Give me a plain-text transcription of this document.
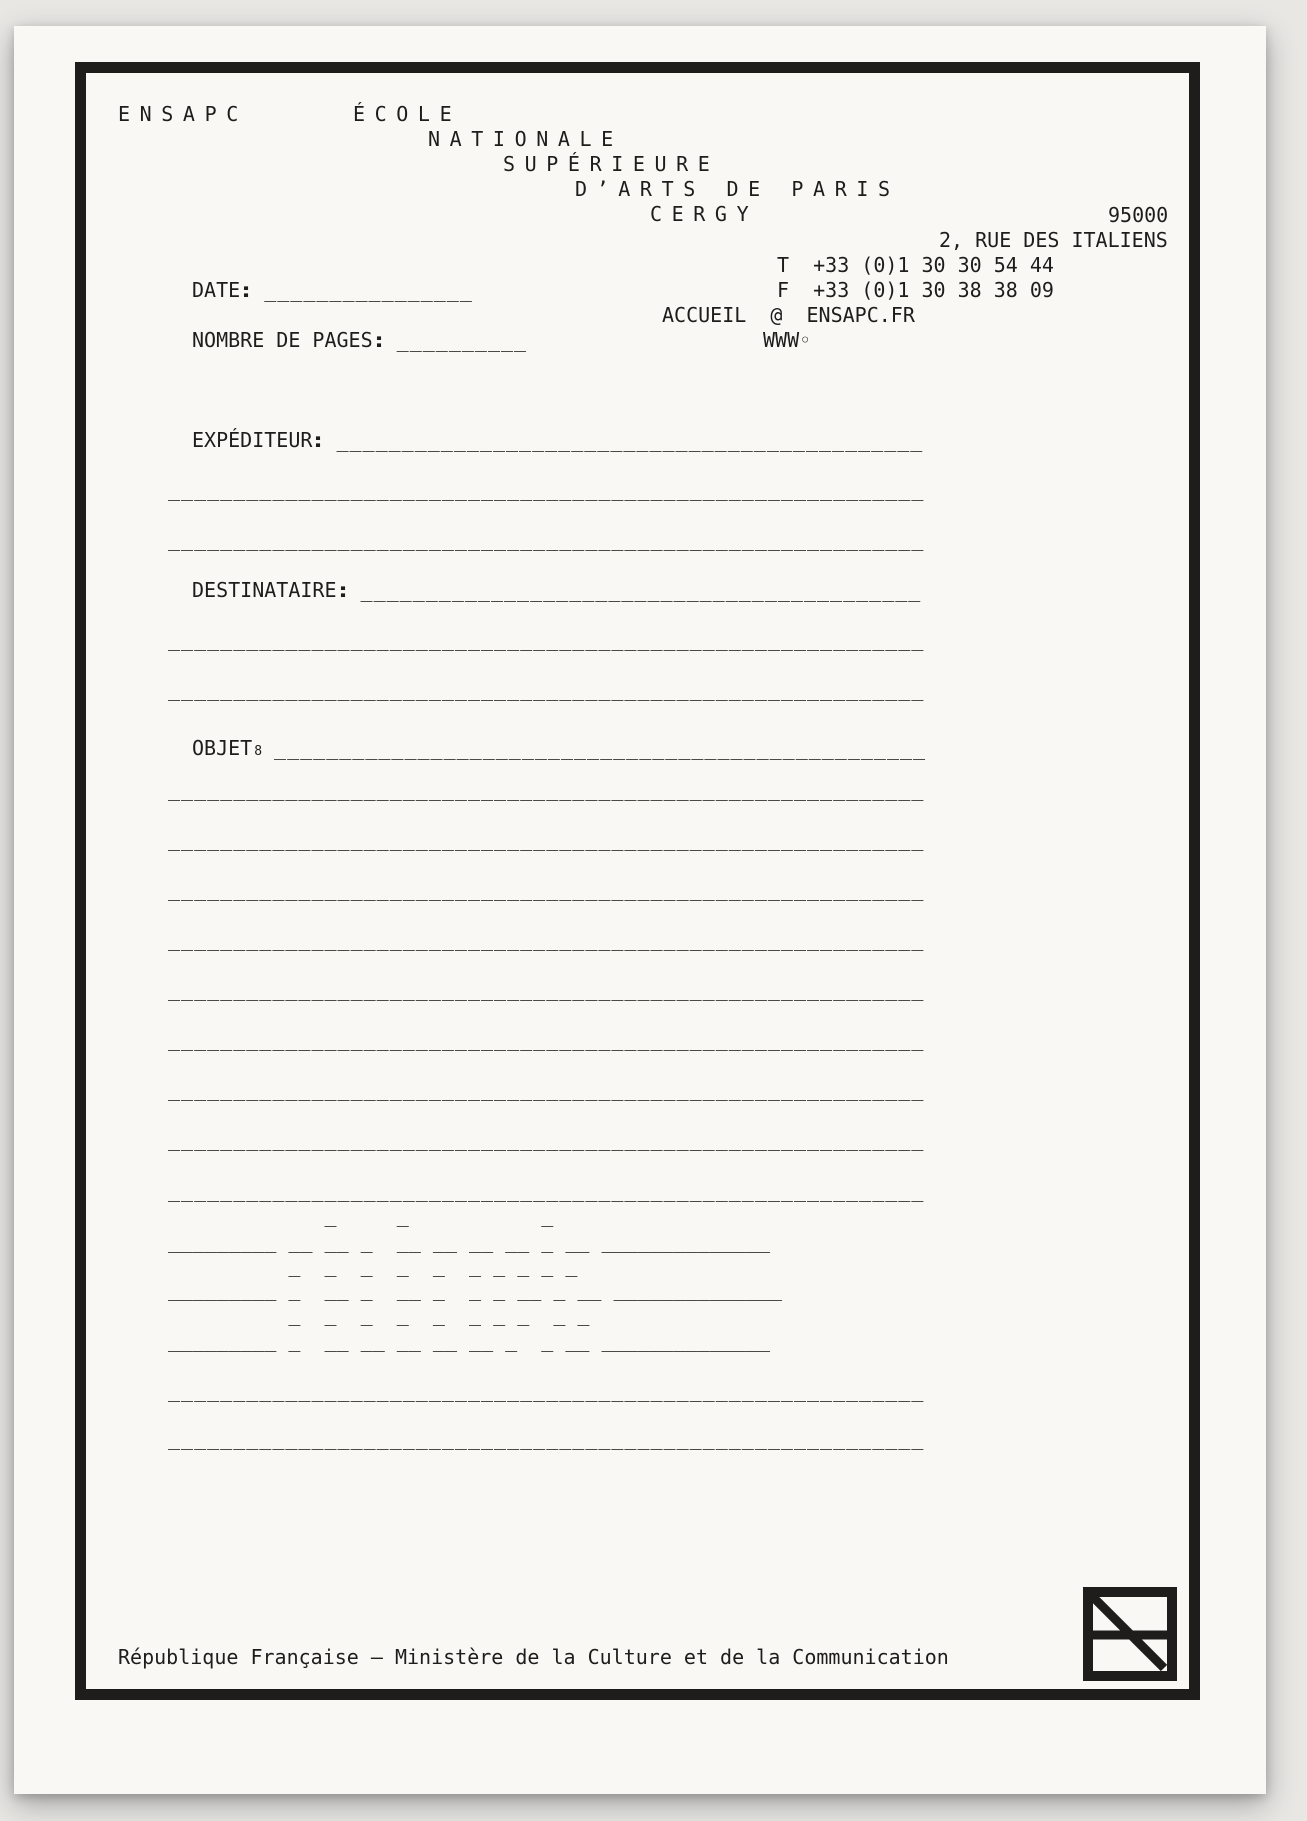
ENSAPC	ÉCOLE
NATIONALE
SUPÉRIEURE
D’ARTS DE PARIS
CERGY	95000
2, RUE DES ITALIENS
T  +33 (0)1 30 30 54 44
F  +33 (0)1 30 38 38 09
ACCUEIL  @  ENSAPC.FR
WWW◦
DATE: ________________
NOMBRE DE PAGES: __________
EXPÉDITEUR: _____________________________________________
__________________________________________________________
__________________________________________________________
DESTINATAIRE: ___________________________________________
__________________________________________________________
__________________________________________________________
OBJET 8 __________________________________________________
__________________________________________________________
__________________________________________________________
__________________________________________________________
__________________________________________________________
__________________________________________________________
__________________________________________________________
__________________________________________________________
__________________________________________________________
__________________________________________________________
_     _           _
_________ __ __ _  __ __ __ __ _ __ ______________
_  _  _  _  _  _ _ _ _ _
_________ _  __ _  __ _  _ _ __ _ __ ______________
_  _  _  _  _  _ _ _  _ _
_________ _  __ __ __ __ __ _  _ __ ______________
__________________________________________________________
__________________________________________________________
République Française – Ministère de la Culture et de la Communication
